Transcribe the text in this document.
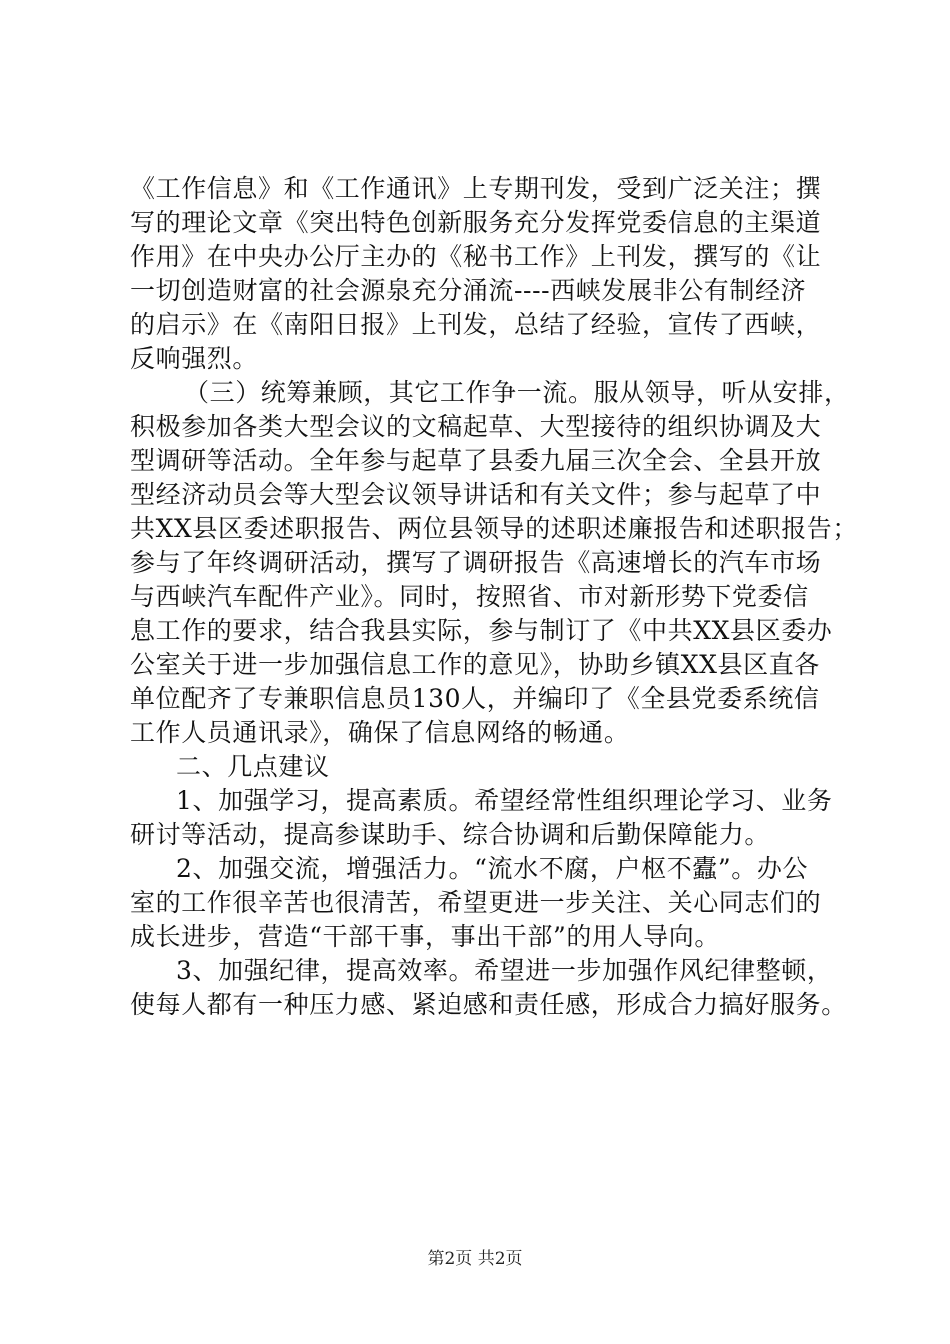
《工作信息》和《工作通讯》上专期刊发，受到广泛关注；撰
写的理论文章《突出特色创新服务充分发挥党委信息的主渠道
作用》在中央办公厅主办的《秘书工作》上刊发，撰写的《让
一切创造财富的社会源泉充分涌流----西峡发展非公有制经济
的启示》在《南阳日报》上刊发，总结了经验，宣传了西峡，
反响强烈。
（三）统筹兼顾，其它工作争一流。服从领导，听从安排，
积极参加各类大型会议的文稿起草、大型接待的组织协调及大
型调研等活动。全年参与起草了县委九届三次全会、全县开放
型经济动员会等大型会议领导讲话和有关文件；参与起草了中
共XX县区委述职报告、两位县领导的述职述廉报告和述职报告；
参与了年终调研活动，撰写了调研报告《高速增长的汽车市场
与西峡汽车配件产业》。同时，按照省、市对新形势下党委信
息工作的要求，结合我县实际，参与制订了《中共XX县区委办
公室关于进一步加强信息工作的意见》，协助乡镇XX县区直各
单位配齐了专兼职信息员130人，并编印了《全县党委系统信
工作人员通讯录》，确保了信息网络的畅通。
二、几点建议
1、加强学习，提高素质。希望经常性组织理论学习、业务
研讨等活动，提高参谋助手、综合协调和后勤保障能力。
2、加强交流，增强活力。“流水不腐，户枢不蠹”。办公
室的工作很辛苦也很清苦，希望更进一步关注、关心同志们的
成长进步，营造“干部干事，事出干部”的用人导向。
3、加强纪律，提高效率。希望进一步加强作风纪律整顿，
使每人都有一种压力感、紧迫感和责任感，形成合力搞好服务。
第2页 共2页
